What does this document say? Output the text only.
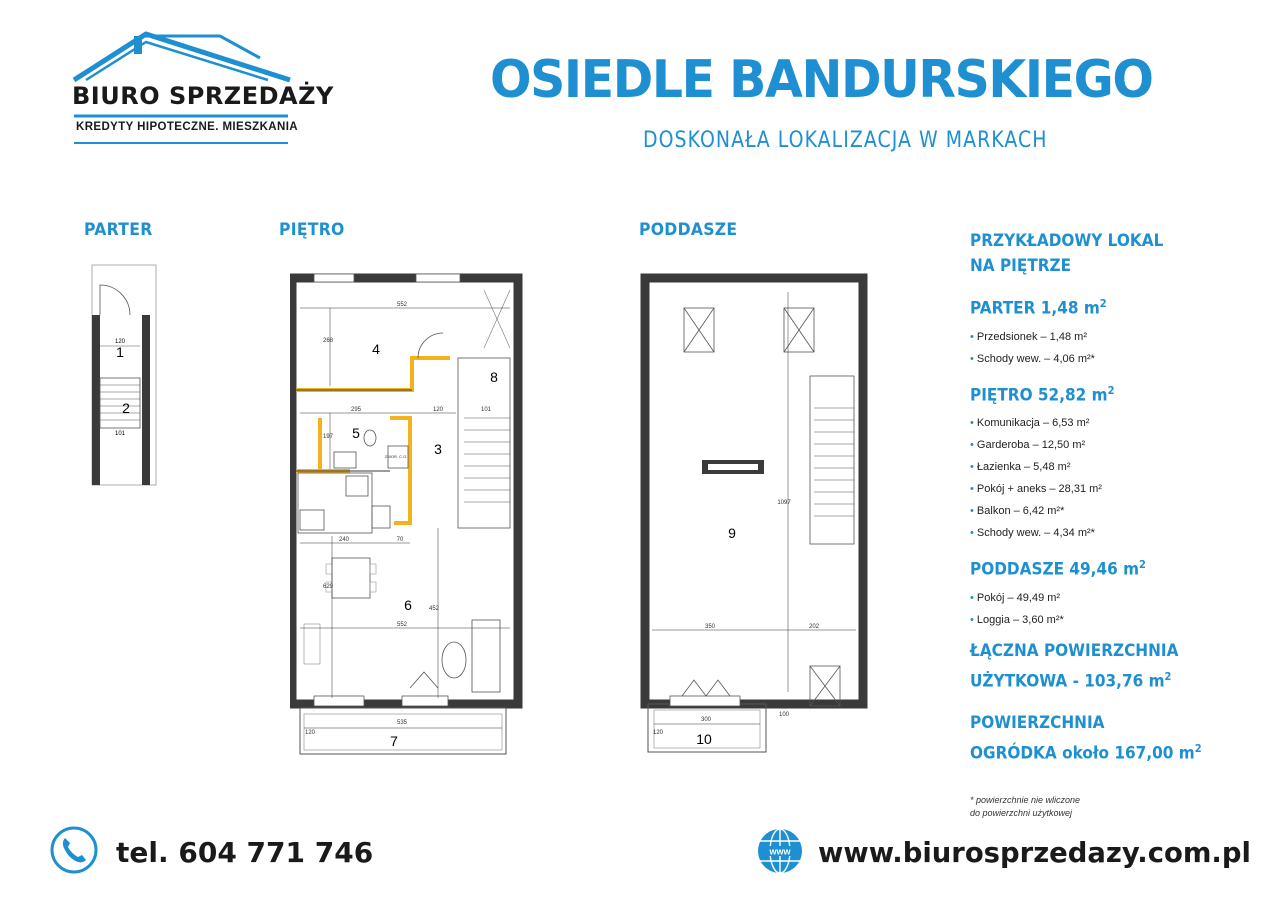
BIURO SPRZEDAŻY
KREDYTY HIPOTECZNE. MIESZKANIA
OSIEDLE BANDURSKIEGO
DOSKONAŁA LOKALIZACJA W MARKACH
PARTER	PIĘTRO	PODDASZE
1
2
120
101
4
8
5
3
6
7
552
268
295	120	101
197
240	70
552
629
452
535
120
ZBIOR. C.O.
9
10
1097
350	202
300
100
120
PRZYKŁADOWY LOKAL
NA PIĘTRZE
PARTER 1,48 $m^2$
• Przedsionek – 1,48 m²
• Schody wew. – 4,06 m²*
PIĘTRO 52,82 $m^2$
• Komunikacja – 6,53 m²
• Garderoba – 12,50 m²
• Łazienka – 5,48 m²
• Pokój + aneks – 28,31 m²
• Balkon – 6,42 m²*
• Schody wew. – 4,34 m²*
PODDASZE 49,46 $m^2$
• Pokój – 49,49 m²
• Loggia – 3,60 m²*
ŁĄCZNA POWIERZCHNIA
UŻYTKOWA - 103,76 $m^2$
POWIERZCHNIA
OGRÓDKA około 167,00 $m^2$
* powierzchnie nie wliczone
do powierzchni użytkowej
tel. 604 771 746	www www.biurosprzedazy.com.pl
